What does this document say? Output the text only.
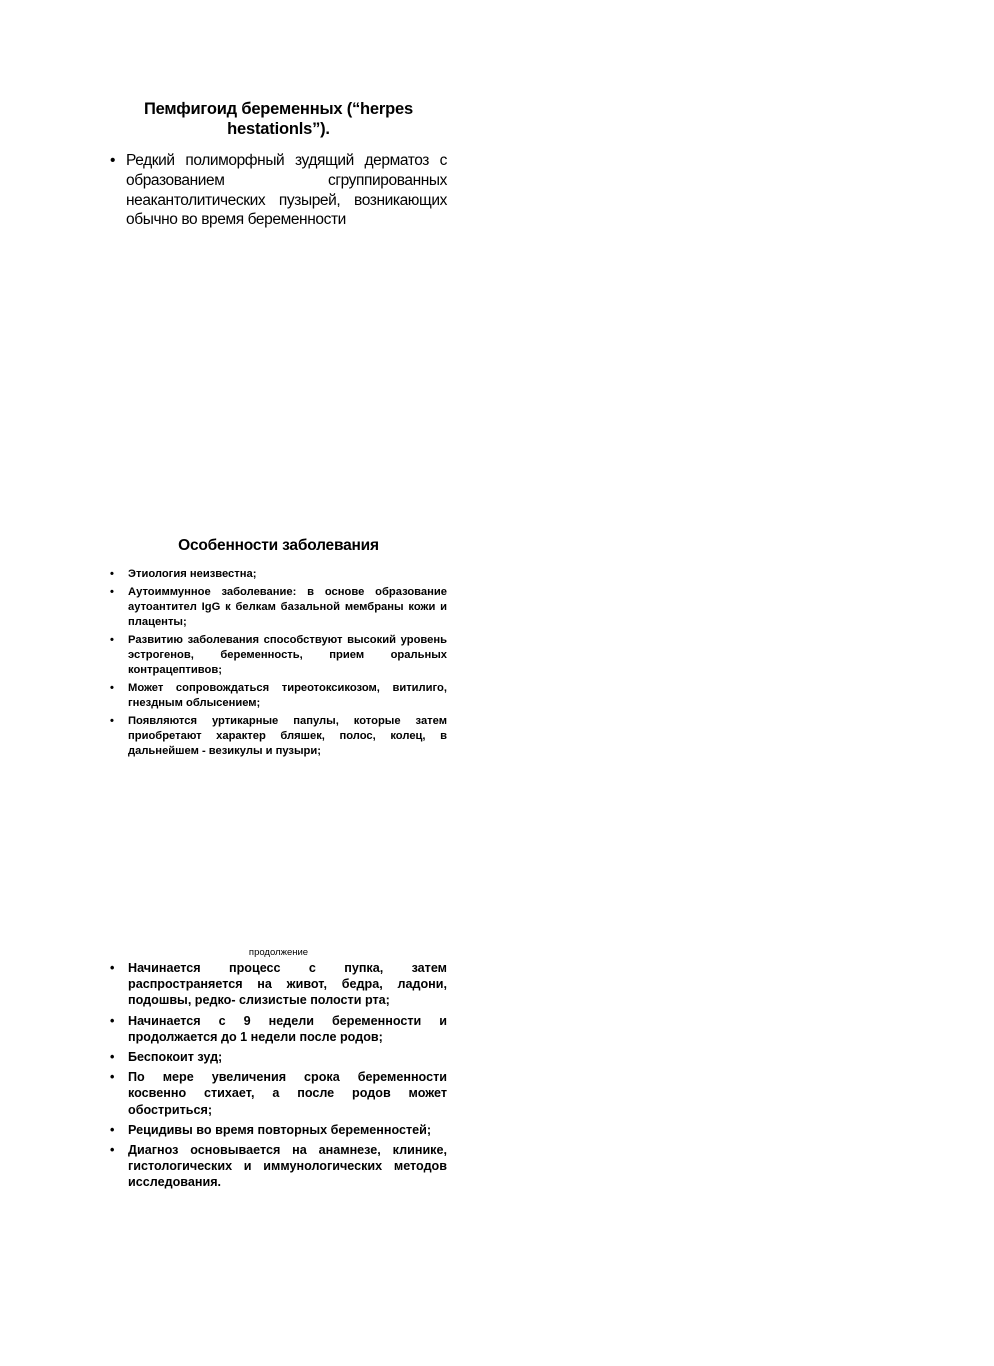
Пемфигоид беременных (“herpes hestationls”).
• Редкий полиморфный зудящий дерматоз с образованием сгруппированных неакантолитических пузырей, возникающих обычно во время беременности
Особенности заболевания
• Этиология неизвестна;
• Аутоиммунное заболевание: в основе образование аутоантител IgG к белкам базальной мембраны кожи и плаценты;
• Развитию заболевания способствуют высокий уровень эстрогенов, беременность, прием оральных контрацептивов;
• Может сопровождаться тиреотоксикозом, витилиго, гнездным облысением;
• Появляются уртикарные папулы, которые затем приобретают характер бляшек, полос, колец, в дальнейшем - везикулы и пузыри;

продолжение

• Начинается процесс с пупка, затем распространяется на живот, бедра, ладони, подошвы, редко- слизистые полости рта;
• Начинается с 9 недели беременности и продолжается до 1 недели после родов;
• Беспокоит зуд;
• По мере увеличения срока беременности косвенно стихает, а после родов может обостриться;
• Рецидивы во время повторных беременностей;
• Диагноз основывается на анамнезе, клинике, гистологических и иммунологических методов исследования.
